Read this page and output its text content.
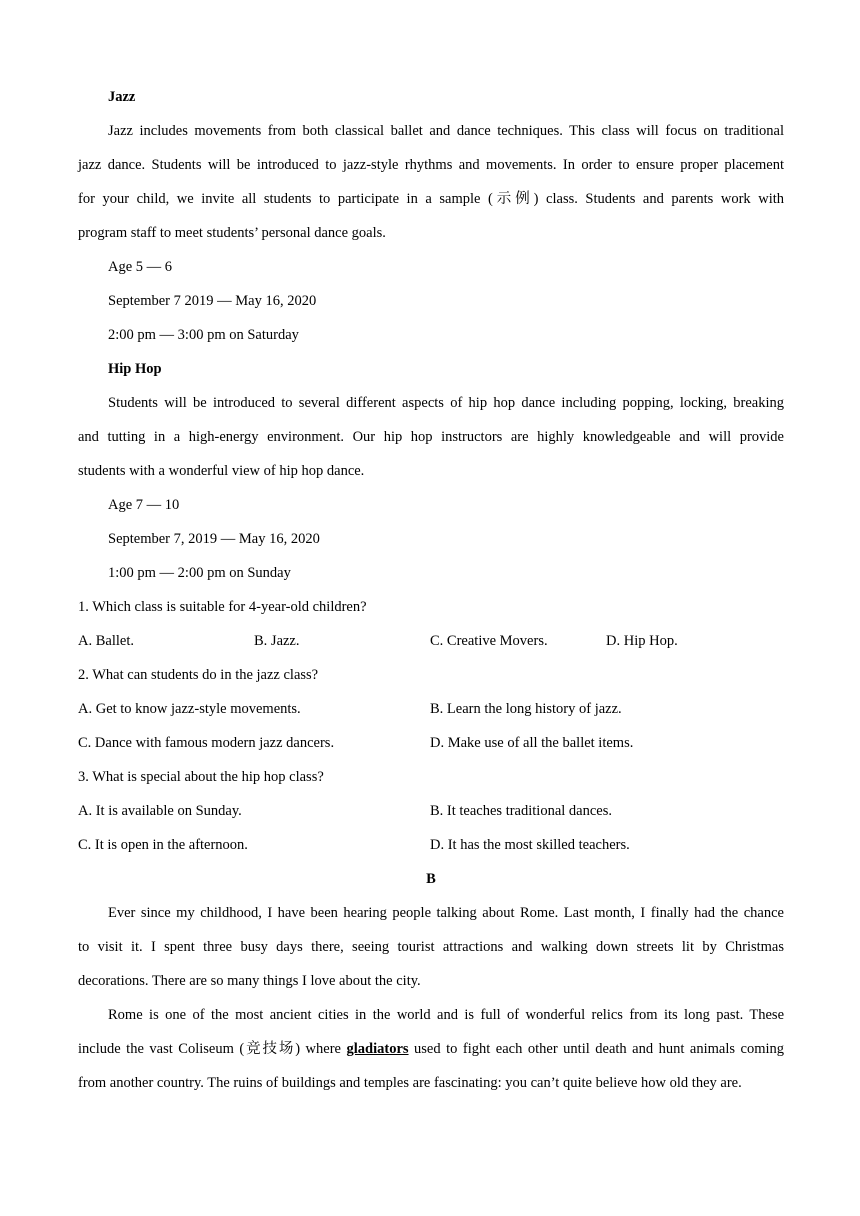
Jazz
Jazz includes movements from both classical ballet and dance techniques. This class will focus on traditional
jazz dance. Students will be introduced to jazz-style rhythms and movements. In order to ensure proper placement
for your child, we invite all students to participate in a sample (示例) class. Students and parents work with
program staff to meet students’ personal dance goals.
Age 5 — 6
September 7 2019 — May 16, 2020
2:00 pm — 3:00 pm on Saturday
Hip Hop
Students will be introduced to several different aspects of hip hop dance including popping, locking, breaking
and tutting in a high-energy environment. Our hip hop instructors are highly knowledgeable and will provide
students with a wonderful view of hip hop dance.
Age 7 — 10
September 7, 2019 — May 16, 2020
1:00 pm — 2:00 pm on Sunday
1. Which class is suitable for 4-year-old children?
A. Ballet.	B. Jazz.	C. Creative Movers.	D. Hip Hop.
2. What can students do in the jazz class?
A. Get to know jazz-style movements.	B. Learn the long history of jazz.
C. Dance with famous modern jazz dancers.	D. Make use of all the ballet items.
3. What is special about the hip hop class?
A. It is available on Sunday.	B. It teaches traditional dances.
C. It is open in the afternoon.	D. It has the most skilled teachers.
B
Ever since my childhood, I have been hearing people talking about Rome. Last month, I finally had the chance
to visit it. I spent three busy days there, seeing tourist attractions and walking down streets lit by Christmas
decorations. There are so many things I love about the city.
Rome is one of the most ancient cities in the world and is full of wonderful relics from its long past. These
include the vast Coliseum (竞技场) where gladiators used to fight each other until death and hunt animals coming
from another country. The ruins of buildings and temples are fascinating: you can’t quite believe how old they are.
